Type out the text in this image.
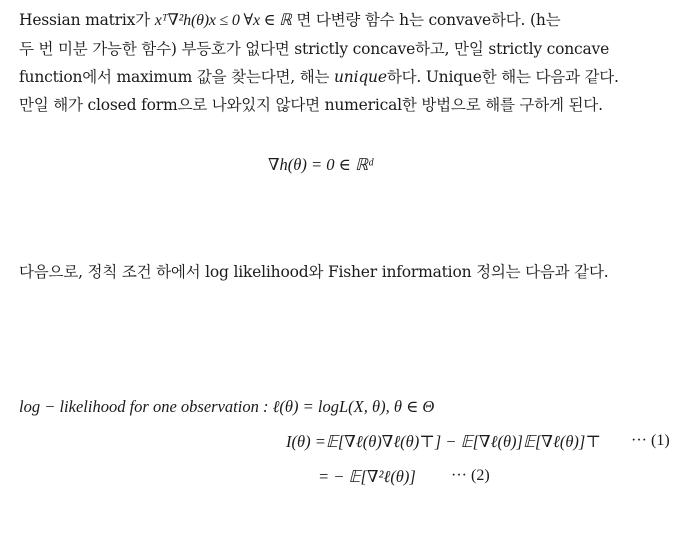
Hessian matrix가 xᵀ∇²h(θ)x ≤ 0 ∀x ∈ ℝ 면 다변량 함수 h는 convave하다. (h는
두 번 미분 가능한 함수) 부등호가 없다면 strictly concave하고, 만일 strictly concave
function에서 maximum 값을 찾는다면, 해는 unique하다. Unique한 해는 다음과 같다.
만일 해가 closed form으로 나와있지 않다면 numerical한 방법으로 해를 구하게 된다.
∇h(θ) = 0 ∈ ℝᵈ
다음으로, 정칙 조건 하에서 log likelihood와 Fisher information 정의는 다음과 같다.
log − likelihood for one observation : ℓ(θ) = logL(X, θ), θ ∈ Θ
I(θ) =𝔼[∇ℓ(θ)∇ℓ(θ)⊤] − 𝔼[∇ℓ(θ)]𝔼[∇ℓ(θ)]⊤ ··· (1)
= − 𝔼[∇²ℓ(θ)] ··· (2)
